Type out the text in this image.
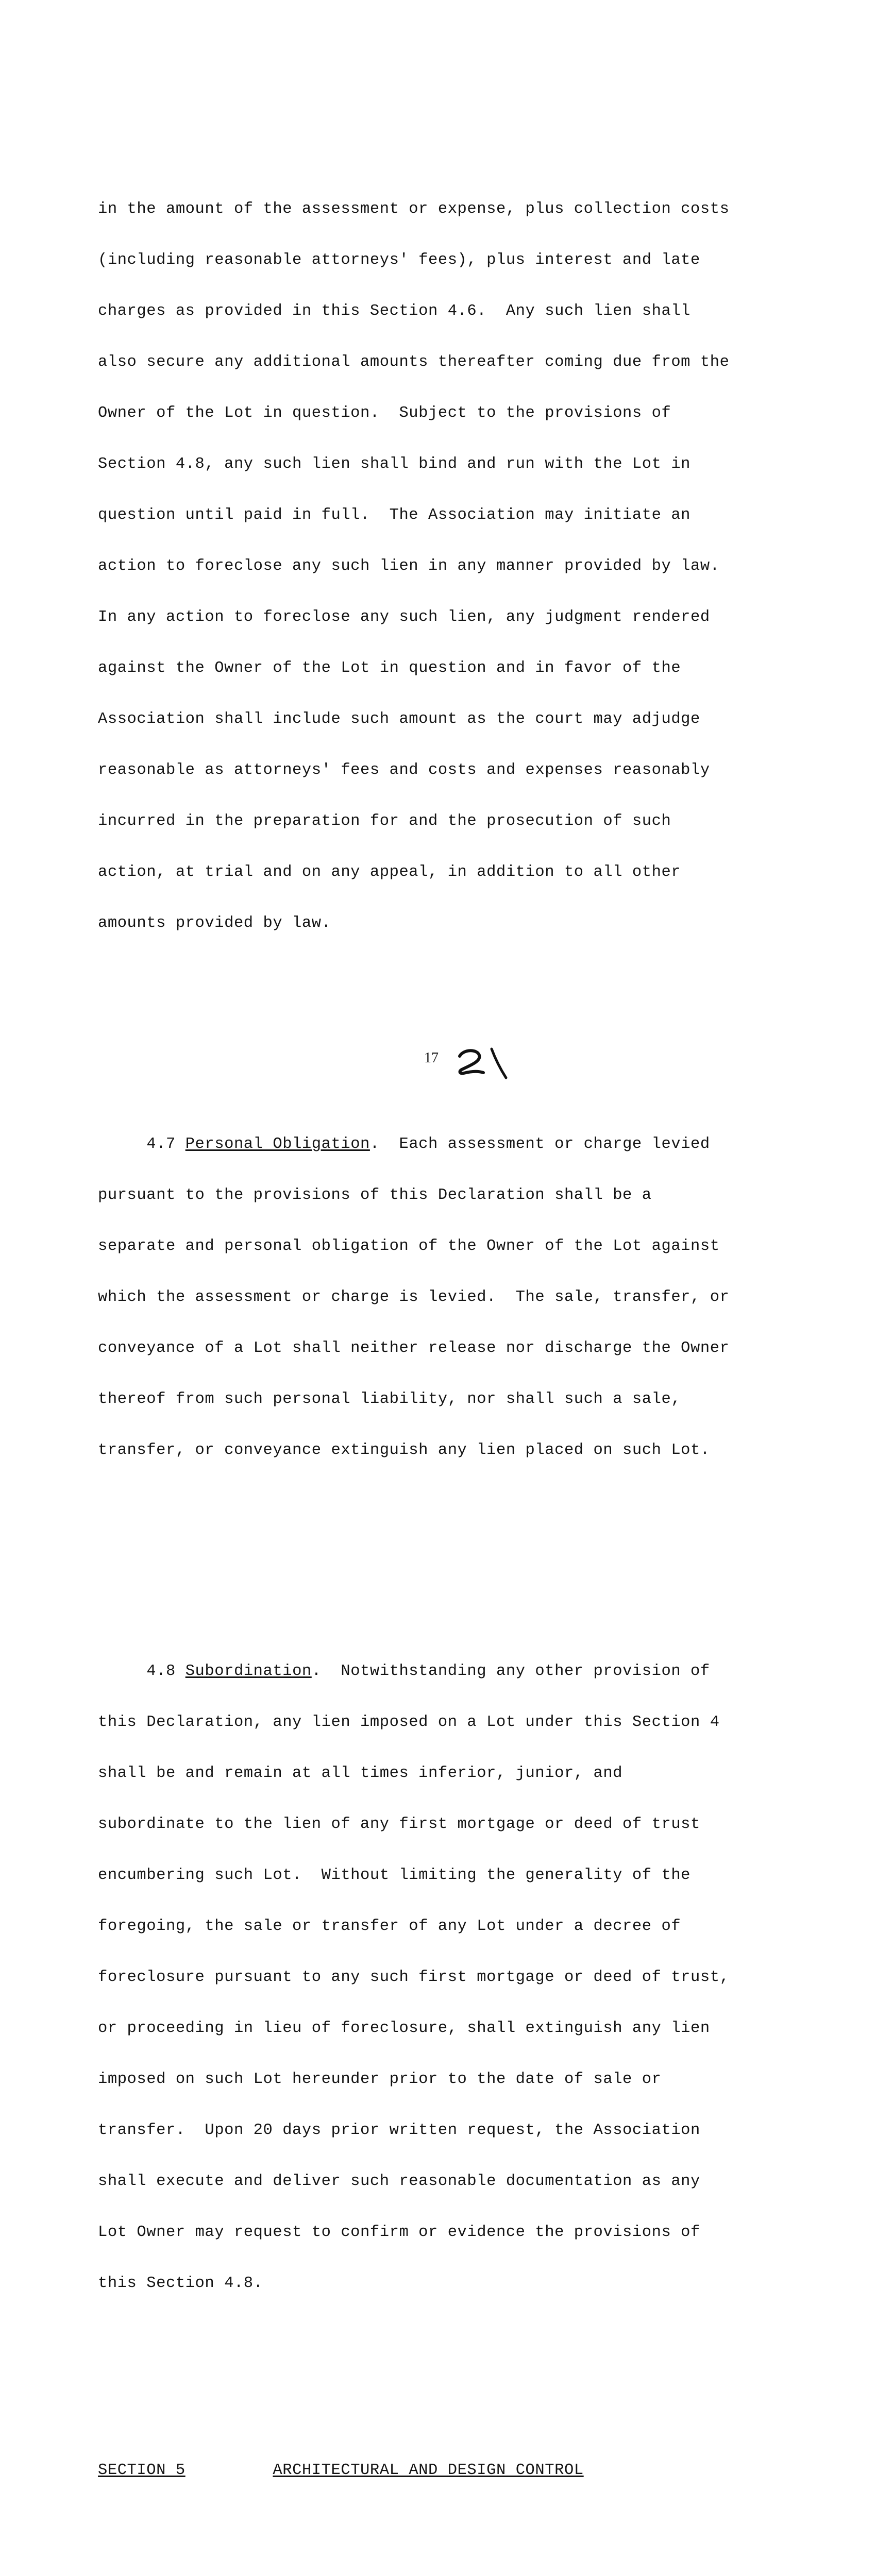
in the amount of the assessment or expense, plus collection costs

(including reasonable attorneys' fees), plus interest and late

charges as provided in this Section 4.6.  Any such lien shall

also secure any additional amounts thereafter coming due from the

Owner of the Lot in question.  Subject to the provisions of

Section 4.8, any such lien shall bind and run with the Lot in

question until paid in full.  The Association may initiate an

action to foreclose any such lien in any manner provided by law.

In any action to foreclose any such lien, any judgment rendered

against the Owner of the Lot in question and in favor of the

Association shall include such amount as the court may adjudge

reasonable as attorneys' fees and costs and expenses reasonably

incurred in the preparation for and the prosecution of such

action, at trial and on any appeal, in addition to all other

amounts provided by law.

4.7 Personal Obligation.  Each assessment or charge levied

pursuant to the provisions of this Declaration shall be a

separate and personal obligation of the Owner of the Lot against

which the assessment or charge is levied.  The sale, transfer, or

conveyance of a Lot shall neither release nor discharge the Owner

thereof from such personal liability, nor shall such a sale,

transfer, or conveyance extinguish any lien placed on such Lot.

4.8 Subordination.  Notwithstanding any other provision of

this Declaration, any lien imposed on a Lot under this Section 4

shall be and remain at all times inferior, junior, and

subordinate to the lien of any first mortgage or deed of trust

encumbering such Lot.  Without limiting the generality of the

foregoing, the sale or transfer of any Lot under a decree of

foreclosure pursuant to any such first mortgage or deed of trust,

or proceeding in lieu of foreclosure, shall extinguish any lien

imposed on such Lot hereunder prior to the date of sale or

transfer.  Upon 20 days prior written request, the Association

shall execute and deliver such reasonable documentation as any

Lot Owner may request to confirm or evidence the provisions of

this Section 4.8.

SECTION 5	ARCHITECTURAL AND DESIGN CONTROL

17
